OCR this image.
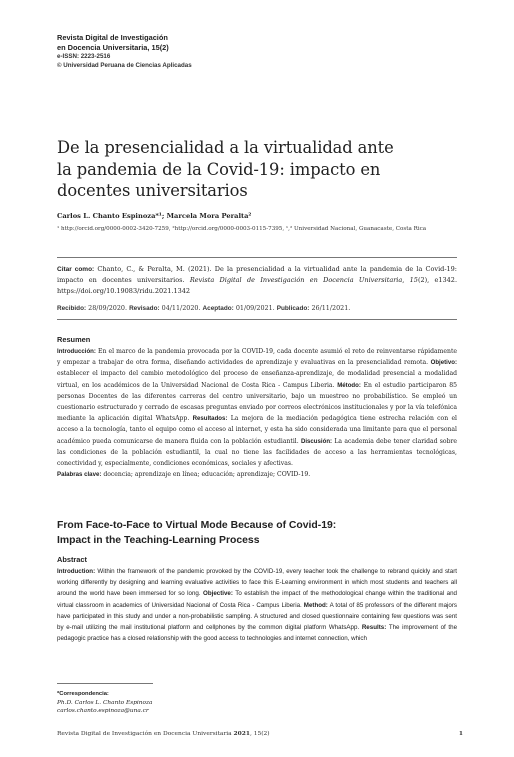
Revista Digital de Investigación
en Docencia Universitaria, 15(2)
e-ISSN: 2223-2516
© Universidad Peruana de Ciencias Aplicadas
De la presencialidad a la virtualidad ante
la pandemia de la Covid-19: impacto en
docentes universitarios
Carlos L. Chanto Espinoza*¹; Marcela Mora Peralta²
¹ http://orcid.org/0000-0002-3420-7259, ²http://orcid.org/0000-0003-0115-7395, ¹,² Universidad Nacional, Guanacaste, Costa Rica
Citar como: Chanto, C., & Peralta, M. (2021). De la presencialidad a la virtualidad ante la pandemia de la Covid-19: impacto en docentes universitarios. Revista Digital de Investigación en Docencia Universitaria, 15(2), e1342. https://doi.org/10.19083/ridu.2021.1342
Recibido: 28/09/2020. Revisado: 04/11/2020. Aceptado: 01/09/2021. Publicado: 26/11/2021.
Resumen
Introducción: En el marco de la pandemia provocada por la COVID-19, cada docente asumió el reto de reinventarse rápidamente y empezar a trabajar de otra forma, diseñando actividades de aprendizaje y evaluativas en la presencialidad remota. Objetivo: establecer el impacto del cambio metodológico del proceso de enseñanza-aprendizaje, de modalidad presencial a modalidad virtual, en los académicos de la Universidad Nacional de Costa Rica - Campus Liberia. Método: En el estudio participaron 85 personas Docentes de las diferentes carreras del centro universitario, bajo un muestreo no probabilístico. Se empleó un cuestionario estructurado y cerrado de escasas preguntas enviado por correos electrónicos institucionales y por la vía telefónica mediante la aplicación digital WhatsApp. Resultados: La mejora de la mediación pedagógica tiene estrecha relación con el acceso a la tecnología, tanto el equipo como el acceso al internet, y esta ha sido considerada una limitante para que el personal académico pueda comunicarse de manera fluida con la población estudiantil. Discusión: La academia debe tener claridad sobre las condiciones de la población estudiantil, la cual no tiene las facilidades de acceso a las herramientas tecnológicas, conectividad y, especialmente, condiciones económicas, sociales y afectivas.
Palabras clave: docencia; aprendizaje en línea; educación; aprendizaje; COVID-19.
From Face-to-Face to Virtual Mode Because of Covid-19:
Impact in the Teaching-Learning Process
Abstract
Introduction: Within the framework of the pandemic provoked by the COVID-19, every teacher took the challenge to rebrand quickly and start working differently by designing and learning evaluative activities to face this E-Learning environment in which most students and teachers all around the world have been immersed for so long. Objective: To establish the impact of the methodological change within the traditional and virtual classroom in academics of Universidad Nacional of Costa Rica - Campus Liberia. Method: A total of 85 professors of the different majors have participated in this study and under a non-probabilistic sampling. A structured and closed questionnaire containing few questions was sent by e-mail utilizing the mail institutional platform and cellphones by the common digital platform WhatsApp. Results: The improvement of the pedagogic practice has a closed relationship with the good access to technologies and internet connection, which
*Correspondencia:
Ph.D. Carlos L. Chanto Espinoza
carlos.chanto.espinoza@una.cr
Revista Digital de Investigación en Docencia Universitaria 2021, 15(2)	1
